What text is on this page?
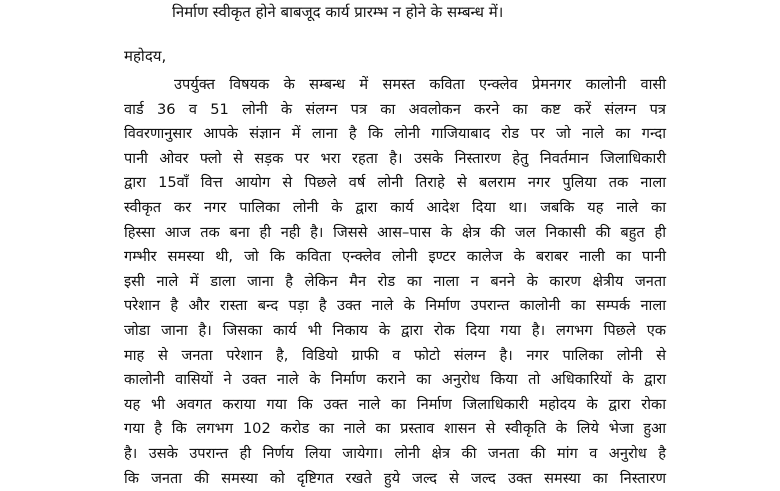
निर्माण स्वीकृत होने बाबजूद कार्य प्रारम्भ न होने के सम्बन्ध में।
महोदय,
उपर्युक्त विषयक के सम्बन्ध में समस्त कविता एन्क्लेव प्रेमनगर कालोनी वासी
वार्ड 36 व 51 लोनी के संलग्न पत्र का अवलोकन करने का कष्ट करें संलग्न पत्र
विवरणानुसार आपके संज्ञान में लाना है कि लोनी गाजियाबाद रोड पर जो नाले का गन्दा
पानी ओवर फ्लो से सड़क पर भरा रहता है। उसके निस्तारण हेतु निवर्तमान जिलाधिकारी
द्वारा 15वॉं वित्त आयोग से पिछले वर्ष लोनी तिराहे से बलराम नगर पुलिया तक नाला
स्वीकृत कर नगर पालिका लोनी के द्वारा कार्य आदेश दिया था। जबकि यह नाले का
हिस्सा आज तक बना ही नही है। जिससे आस–पास के क्षेत्र की जल निकासी की बहुत ही
गम्भीर समस्या थी, जो कि कविता एन्क्लेव लोनी इण्टर कालेज के बराबर नाली का पानी
इसी नाले में डाला जाना है लेकिन मैन रोड का नाला न बनने के कारण क्षेत्रीय जनता
परेशान है और रास्ता बन्द पड़ा है उक्त नाले के निर्माण उपरान्त कालोनी का सम्पर्क नाला
जोडा जाना है। जिसका कार्य भी निकाय के द्वारा रोक दिया गया है। लगभग पिछले एक
माह से जनता परेशान है, विडियो ग्राफी व फोटो संलग्न है। नगर पालिका लोनी से
कालोनी वासियों ने उक्त नाले के निर्माण कराने का अनुरोध किया तो अधिकारियों के द्वारा
यह भी अवगत कराया गया कि उक्त नाले का निर्माण जिलाधिकारी महोदय के द्वारा रोका
गया है कि लगभग 102 करोड का नाले का प्रस्ताव शासन से स्वीकृति के लिये भेजा हुआ
है। उसके उपरान्त ही निर्णय लिया जायेगा। लोनी क्षेत्र की जनता की मांग व अनुरोध है
कि जनता की समस्या को दृष्टिगत रखते हुये जल्द से जल्द उक्त समस्या का निस्तारण
